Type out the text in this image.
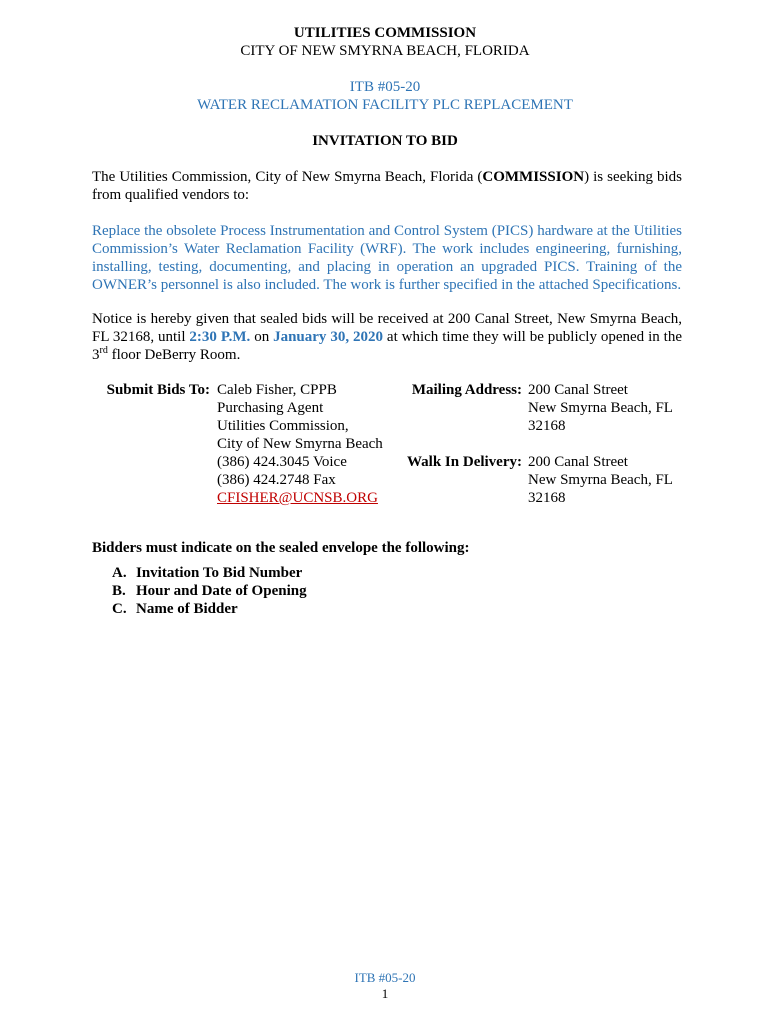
UTILITIES COMMISSION
CITY OF NEW SMYRNA BEACH, FLORIDA
ITB #05-20
WATER RECLAMATION FACILITY PLC REPLACEMENT
INVITATION TO BID
The Utilities Commission, City of New Smyrna Beach, Florida (COMMISSION) is seeking bids from qualified vendors to:
Replace the obsolete Process Instrumentation and Control System (PICS) hardware at the Utilities Commission’s Water Reclamation Facility (WRF). The work includes engineering, furnishing, installing, testing, documenting, and placing in operation an upgraded PICS. Training of the OWNER’s personnel is also included. The work is further specified in the attached Specifications.
Notice is hereby given that sealed bids will be received at 200 Canal Street, New Smyrna Beach, FL 32168, until 2:30 P.M. on January 30, 2020 at which time they will be publicly opened in the 3rd floor DeBerry Room.
Submit Bids To: Caleb Fisher, CPPB
Purchasing Agent
Utilities Commission,
City of New Smyrna Beach
(386) 424.3045 Voice
(386) 424.2748 Fax
CFISHER@UCNSB.ORG
Mailing Address: 200 Canal Street
New Smyrna Beach, FL
32168
Walk In Delivery: 200 Canal Street
New Smyrna Beach, FL
32168
Bidders must indicate on the sealed envelope the following:
A. Invitation To Bid Number
B. Hour and Date of Opening
C. Name of Bidder
ITB #05-20
1
